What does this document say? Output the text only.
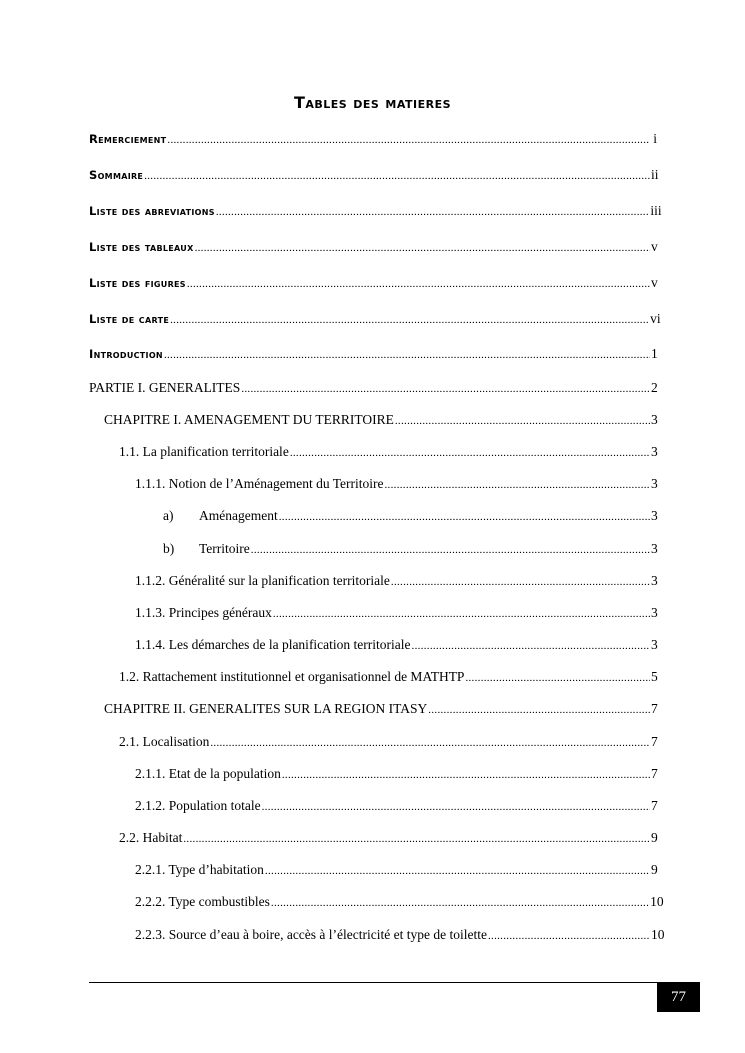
Tables des matieres
Remerciement .....	i
Sommaire .....	ii
Liste des abreviations .....	iii
Liste des tableaux .....	v
Liste des figures .....	v
Liste de carte .....	vi
Introduction .....	1
PARTIE I. GENERALITES .....	2
CHAPITRE I. AMENAGEMENT DU TERRITOIRE .....	3
1.1. La planification territoriale .....	3
1.1.1. Notion de l’Aménagement du Territoire .....	3
a) Aménagement .....	3
b) Territoire .....	3
1.1.2. Généralité sur la planification territoriale .....	3
1.1.3. Principes généraux .....	3
1.1.4. Les démarches de la planification territoriale .....	3
1.2. Rattachement institutionnel et organisationnel de MATHTP .....	5
CHAPITRE II. GENERALITES SUR LA REGION ITASY .....	7
2.1. Localisation .....	7
2.1.1. Etat de la population .....	7
2.1.2. Population totale .....	7
2.2. Habitat .....	9
2.2.1. Type d’habitation .....	9
2.2.2. Type combustibles .....	10
2.2.3. Source d’eau à boire, accès à l’électricité et type de toilette .....	10
77
